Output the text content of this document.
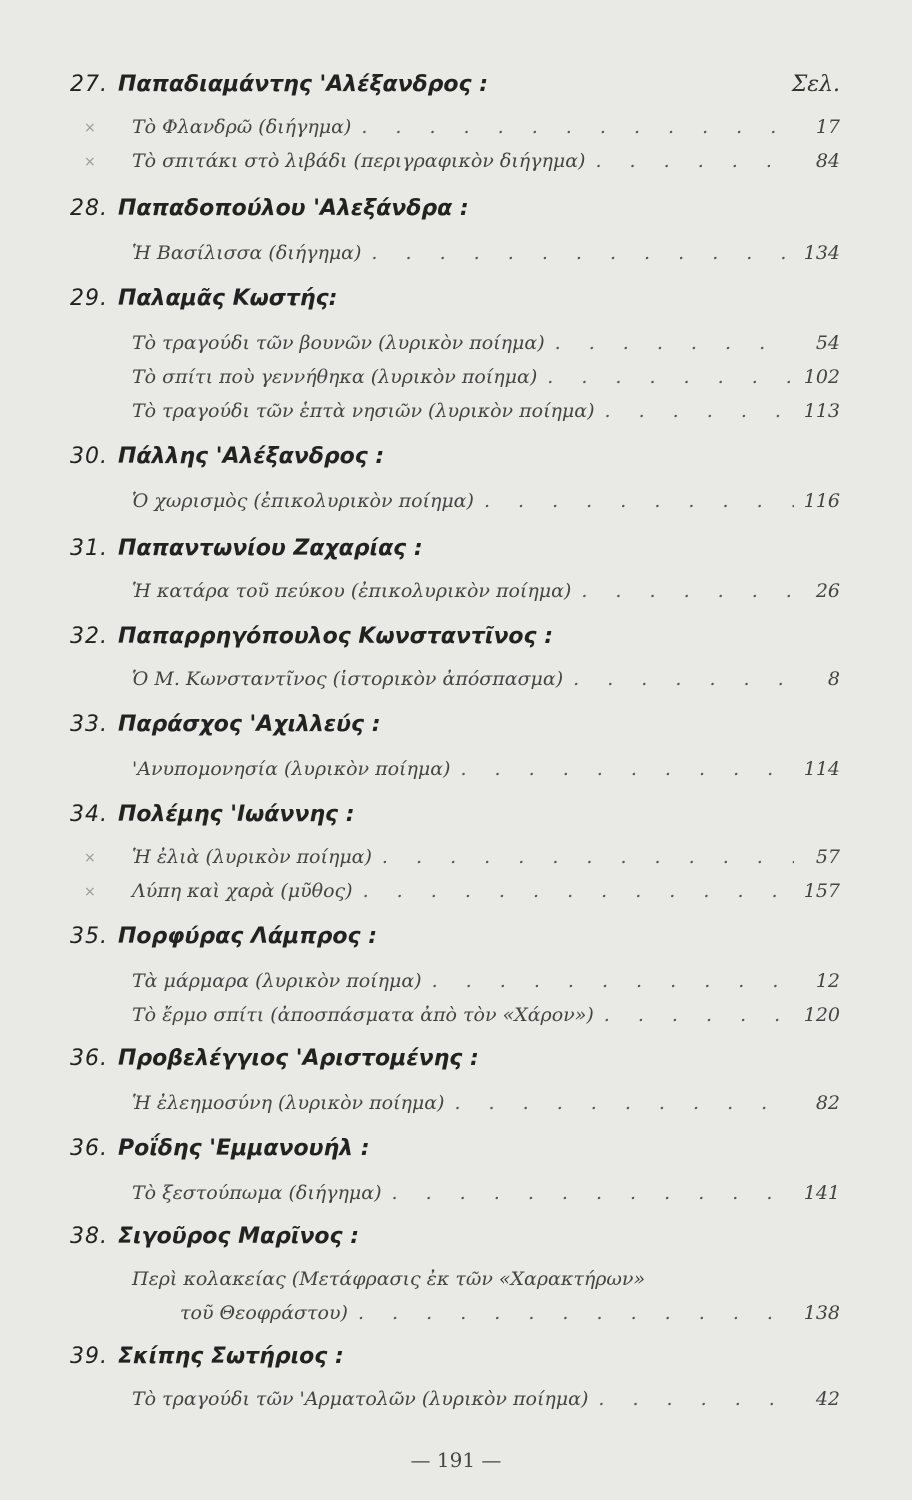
27. Παπαδιαμάντης 'Αλέξανδρος :	Σελ.
× Τὸ Φλανδρῶ (διήγημα) . . .	17
× Τὸ σπιτάκι στὸ λιβάδι (περιγραφικὸν διήγημα) . . .	84
28. Παπαδοπούλου 'Αλεξάνδρα :
Ἡ Βασίλισσα (διήγημα) . . .	134
29. Παλαμᾶς Κωστής:
Τὸ τραγούδι τῶν βουνῶν (λυρικὸν ποίημα) . . .	54
Τὸ σπίτι ποὺ γεννήθηκα (λυρικὸν ποίημα) . . .	102
Τὸ τραγούδι τῶν ἑπτὰ νησιῶν (λυρικὸν ποίημα) . . .	113
30. Πάλλης 'Αλέξανδρος :
Ὁ χωρισμὸς (ἐπικολυρικὸν ποίημα) . . .	116
31. Παπαντωνίου Ζαχαρίας :
Ἡ κατάρα τοῦ πεύκου (ἐπικολυρικὸν ποίημα) . . .	26
32. Παπαρρηγόπουλος Κωνσταντῖνος :
Ὁ Μ. Κωνσταντῖνος (ἱστορικὸν ἀπόσπασμα) . . .	8
33. Παράσχος 'Αχιλλεύς :
'Ανυπομονησία (λυρικὸν ποίημα) . . .	114
34. Πολέμης 'Ιωάννης :
× Ἡ ἐλιὰ (λυρικὸν ποίημα) . . .	57
× Λύπη καὶ χαρὰ (μῦθος) . . .	157
35. Πορφύρας Λάμπρος :
Τὰ μάρμαρα (λυρικὸν ποίημα) . . .	12
Τὸ ἔρμο σπίτι (ἀποσπάσματα ἀπὸ τὸν «Χάρον») . . .	120
36. Προβελέγγιος 'Αριστομένης :
Ἡ ἐλεημοσύνη (λυρικὸν ποίημα) . . .	82
36. Ροΐδης 'Εμμανουήλ :
Τὸ ξεστούπωμα (διήγημα) . . .	141
38. Σιγοῦρος Μαρῖνος :
Περὶ κολακείας (Μετάφρασις ἐκ τῶν «Χαρακτήρων»
τοῦ Θεοφράστου) . . .	138
39. Σκίπης Σωτήριος :
Τὸ τραγούδι τῶν 'Αρματολῶν (λυρικὸν ποίημα) . . .	42
— 191 —
